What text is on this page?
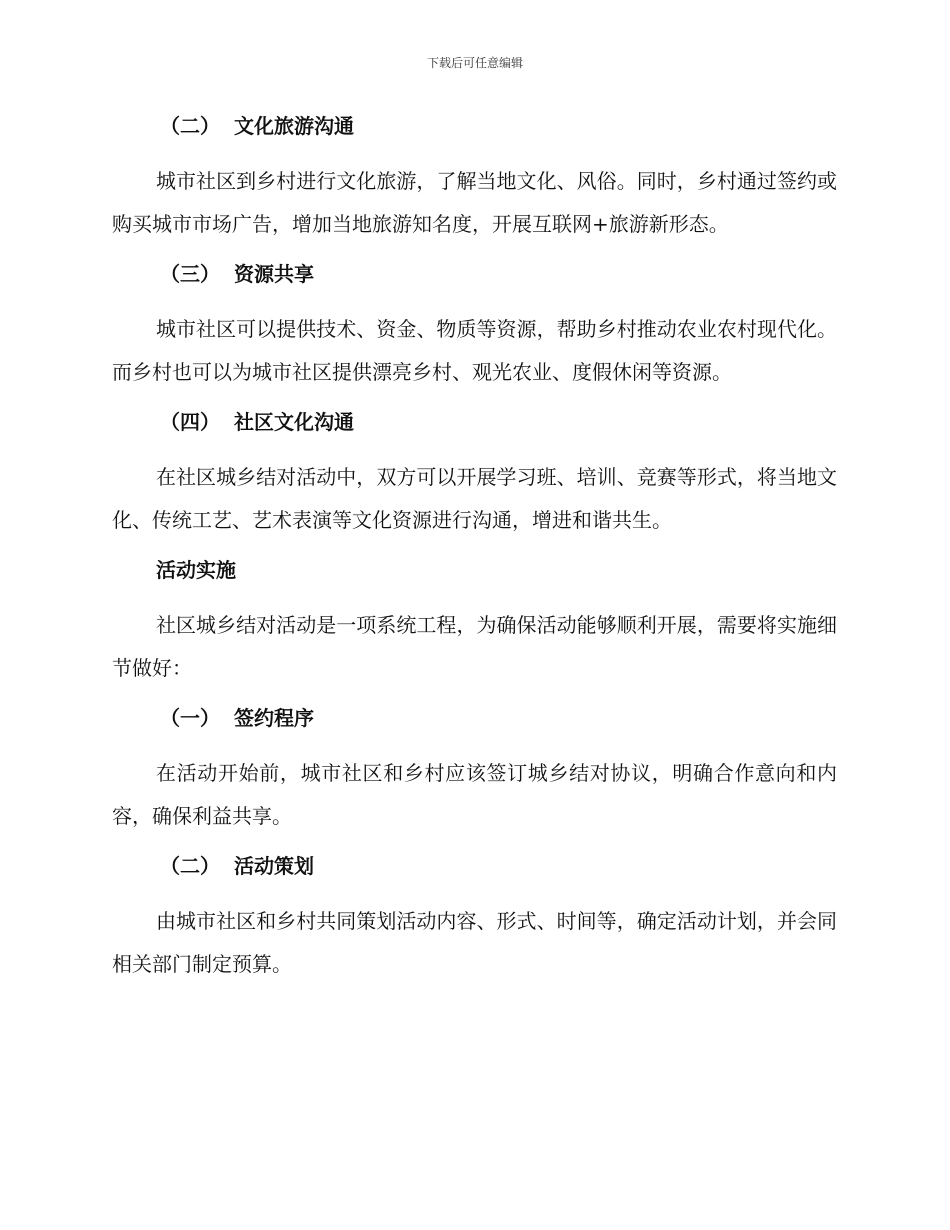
下载后可任意编辑
（二） 文化旅游沟通

城市社区到乡村进行文化旅游，了解当地文化、风俗。同时，乡村通过签约或购买城市市场广告，增加当地旅游知名度，开展互联网+旅游新形态。

（三） 资源共享

城市社区可以提供技术、资金、物质等资源，帮助乡村推动农业农村现代化。而乡村也可以为城市社区提供漂亮乡村、观光农业、度假休闲等资源。

（四） 社区文化沟通

在社区城乡结对活动中，双方可以开展学习班、培训、竞赛等形式，将当地文化、传统工艺、艺术表演等文化资源进行沟通，增进和谐共生。

活动实施

社区城乡结对活动是一项系统工程，为确保活动能够顺利开展，需要将实施细节做好：

（一） 签约程序

在活动开始前，城市社区和乡村应该签订城乡结对协议，明确合作意向和内容，确保利益共享。

（二） 活动策划

由城市社区和乡村共同策划活动内容、形式、时间等，确定活动计划，并会同相关部门制定预算。
